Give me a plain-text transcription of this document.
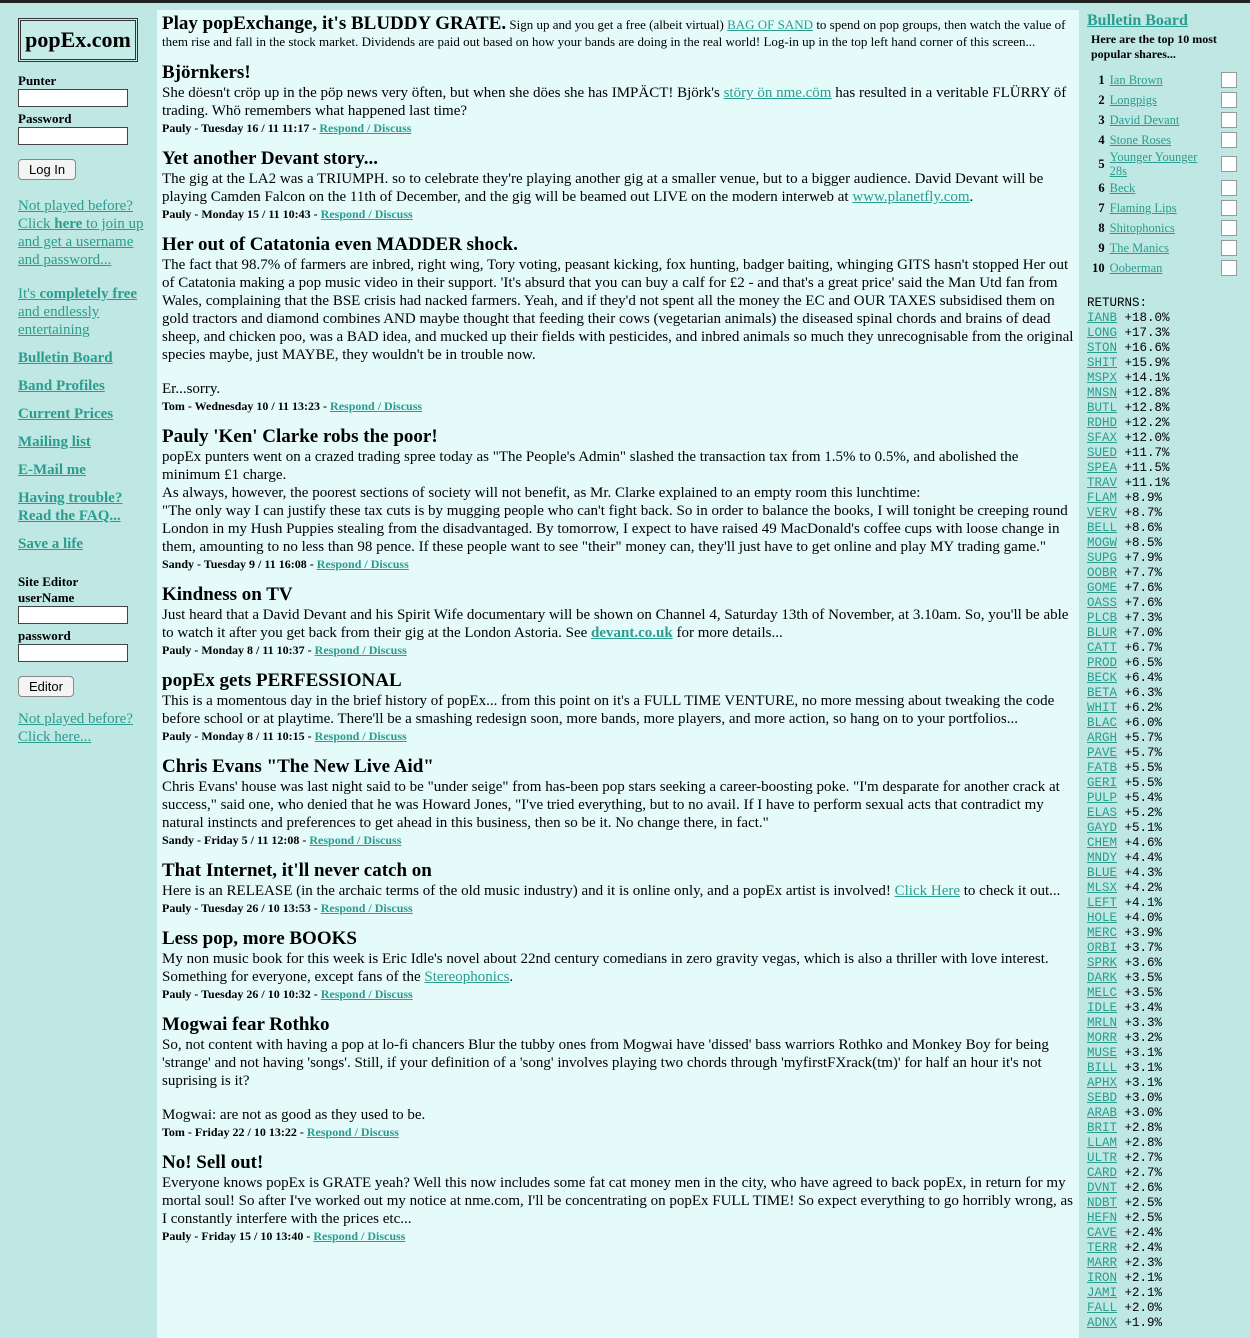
popEx.com
Punter
Password
Log In
Not played before? Click here to join up and get a username and password...
It's completely free and endlessly entertaining
Bulletin Board
Band Profiles
Current Prices
Mailing list
E-Mail me
Having trouble? Read the FAQ...
Save a life
Site Editor
userName
password
Editor
Not played before? Click here...
Play popExchange, it's BLUDDY GRATE. Sign up and you get a free (albeit virtual) BAG OF SAND to spend on pop groups, then watch the value of them rise and fall in the stock market. Dividends are paid out based on how your bands are doing in the real world! Log-in up in the top left hand corner of this screen...
Björnkers!
She döesn't cröp up in the pöp news very öften, but when she döes she has IMPÄCT! Björk's störy ön nme.cöm has resulted in a veritable FLÜRRY öf trading. Whö remembers what happened last time?
Pauly - Tuesday 16 / 11 11:17 - Respond / Discuss
Yet another Devant story...
The gig at the LA2 was a TRIUMPH. so to celebrate they're playing another gig at a smaller venue, but to a bigger audience. David Devant will be playing Camden Falcon on the 11th of December, and the gig will be beamed out LIVE on the modern interweb at www.planetfly.com.
Pauly - Monday 15 / 11 10:43 - Respond / Discuss
Her out of Catatonia even MADDER shock.
The fact that 98.7% of farmers are inbred, right wing, Tory voting, peasant kicking, fox hunting, badger baiting, whinging GITS hasn't stopped Her out of Catatonia making a pop music video in their support. 'It's absurd that you can buy a calf for £2 - and that's a great price' said the Man Utd fan from Wales, complaining that the BSE crisis had nacked farmers. Yeah, and if they'd not spent all the money the EC and OUR TAXES subsidised them on gold tractors and diamond combines AND maybe thought that feeding their cows (vegetarian animals) the diseased spinal chords and brains of dead sheep, and chicken poo, was a BAD idea, and mucked up their fields with pesticides, and inbred animals so much they unrecognisable from the original species maybe, just MAYBE, they wouldn't be in trouble now.
Er...sorry.
Tom - Wednesday 10 / 11 13:23 - Respond / Discuss
Pauly 'Ken' Clarke robs the poor!
popEx punters went on a crazed trading spree today as "The People's Admin" slashed the transaction tax from 1.5% to 0.5%, and abolished the minimum £1 charge.
As always, however, the poorest sections of society will not benefit, as Mr. Clarke explained to an empty room this lunchtime:
"The only way I can justify these tax cuts is by mugging people who can't fight back. So in order to balance the books, I will tonight be creeping round London in my Hush Puppies stealing from the disadvantaged. By tomorrow, I expect to have raised 49 MacDonald's coffee cups with loose change in them, amounting to no less than 98 pence. If these people want to see "their" money can, they'll just have to get online and play MY trading game."
Sandy - Tuesday 9 / 11 16:08 - Respond / Discuss
Kindness on TV
Just heard that a David Devant and his Spirit Wife documentary will be shown on Channel 4, Saturday 13th of November, at 3.10am. So, you'll be able to watch it after you get back from their gig at the London Astoria. See devant.co.uk for more details...
Pauly - Monday 8 / 11 10:37 - Respond / Discuss
popEx gets PERFESSIONAL
This is a momentous day in the brief history of popEx... from this point on it's a FULL TIME VENTURE, no more messing about tweaking the code before school or at playtime. There'll be a smashing redesign soon, more bands, more players, and more action, so hang on to your portfolios...
Pauly - Monday 8 / 11 10:15 - Respond / Discuss
Chris Evans "The New Live Aid"
Chris Evans' house was last night said to be "under seige" from has-been pop stars seeking a career-boosting poke. "I'm desparate for another crack at success," said one, who denied that he was Howard Jones, "I've tried everything, but to no avail. If I have to perform sexual acts that contradict my natural instincts and preferences to get ahead in this business, then so be it. No change there, in fact."
Sandy - Friday 5 / 11 12:08 - Respond / Discuss
That Internet, it'll never catch on
Here is an RELEASE (in the archaic terms of the old music industry) and it is online only, and a popEx artist is involved! Click Here to check it out...
Pauly - Tuesday 26 / 10 13:53 - Respond / Discuss
Less pop, more BOOKS
My non music book for this week is Eric Idle's novel about 22nd century comedians in zero gravity vegas, which is also a thriller with love interest. Something for everyone, except fans of the Stereophonics.
Pauly - Tuesday 26 / 10 10:32 - Respond / Discuss
Mogwai fear Rothko
So, not content with having a pop at lo-fi chancers Blur the tubby ones from Mogwai have 'dissed' bass warriors Rothko and Monkey Boy for being 'strange' and not having 'songs'. Still, if your definition of a 'song' involves playing two chords through 'myfirstFXrack(tm)' for half an hour it's not suprising is it?
Mogwai: are not as good as they used to be.
Tom - Friday 22 / 10 13:22 - Respond / Discuss
No! Sell out!
Everyone knows popEx is GRATE yeah? Well this now includes some fat cat money men in the city, who have agreed to back popEx, in return for my mortal soul! So after I've worked out my notice at nme.com, I'll be concentrating on popEx FULL TIME! So expect everything to go horribly wrong, as I constantly interfere with the prices etc...
Pauly - Friday 15 / 10 13:40 - Respond / Discuss
Bulletin Board
Here are the top 10 most popular shares...
1 Ian Brown
2 Longpigs
3 David Devant
4 Stone Roses
5 Younger Younger 28s
6 Beck
7 Flaming Lips
8 Shitophonics
9 The Manics
10 Ooberman
RETURNS:
IANB +18.0%
LONG +17.3%
STON +16.6%
SHIT +15.9%
MSPX +14.1%
MNSN +12.8%
BUTL +12.8%
RDHD +12.2%
SFAX +12.0%
SUED +11.7%
SPEA +11.5%
TRAV +11.1%
FLAM +8.9%
VERV +8.7%
BELL +8.6%
MOGW +8.5%
SUPG +7.9%
OOBR +7.7%
GOME +7.6%
OASS +7.6%
PLCB +7.3%
BLUR +7.0%
CATT +6.7%
PROD +6.5%
BECK +6.4%
BETA +6.3%
WHIT +6.2%
BLAC +6.0%
ARGH +5.7%
PAVE +5.7%
FATB +5.5%
GERI +5.5%
PULP +5.4%
ELAS +5.2%
GAYD +5.1%
CHEM +4.6%
MNDY +4.4%
BLUE +4.3%
MLSX +4.2%
LEFT +4.1%
HOLE +4.0%
MERC +3.9%
ORBI +3.7%
SPRK +3.6%
DARK +3.5%
MELC +3.5%
IDLE +3.4%
MRLN +3.3%
MORR +3.2%
MUSE +3.1%
BILL +3.1%
APHX +3.1%
SEBD +3.0%
ARAB +3.0%
BRIT +2.8%
LLAM +2.8%
ULTR +2.7%
CARD +2.7%
DVNT +2.6%
NDBT +2.5%
HEFN +2.5%
CAVE +2.4%
TERR +2.4%
MARR +2.3%
IRON +2.1%
JAMI +2.1%
FALL +2.0%
ADNX +1.9%
